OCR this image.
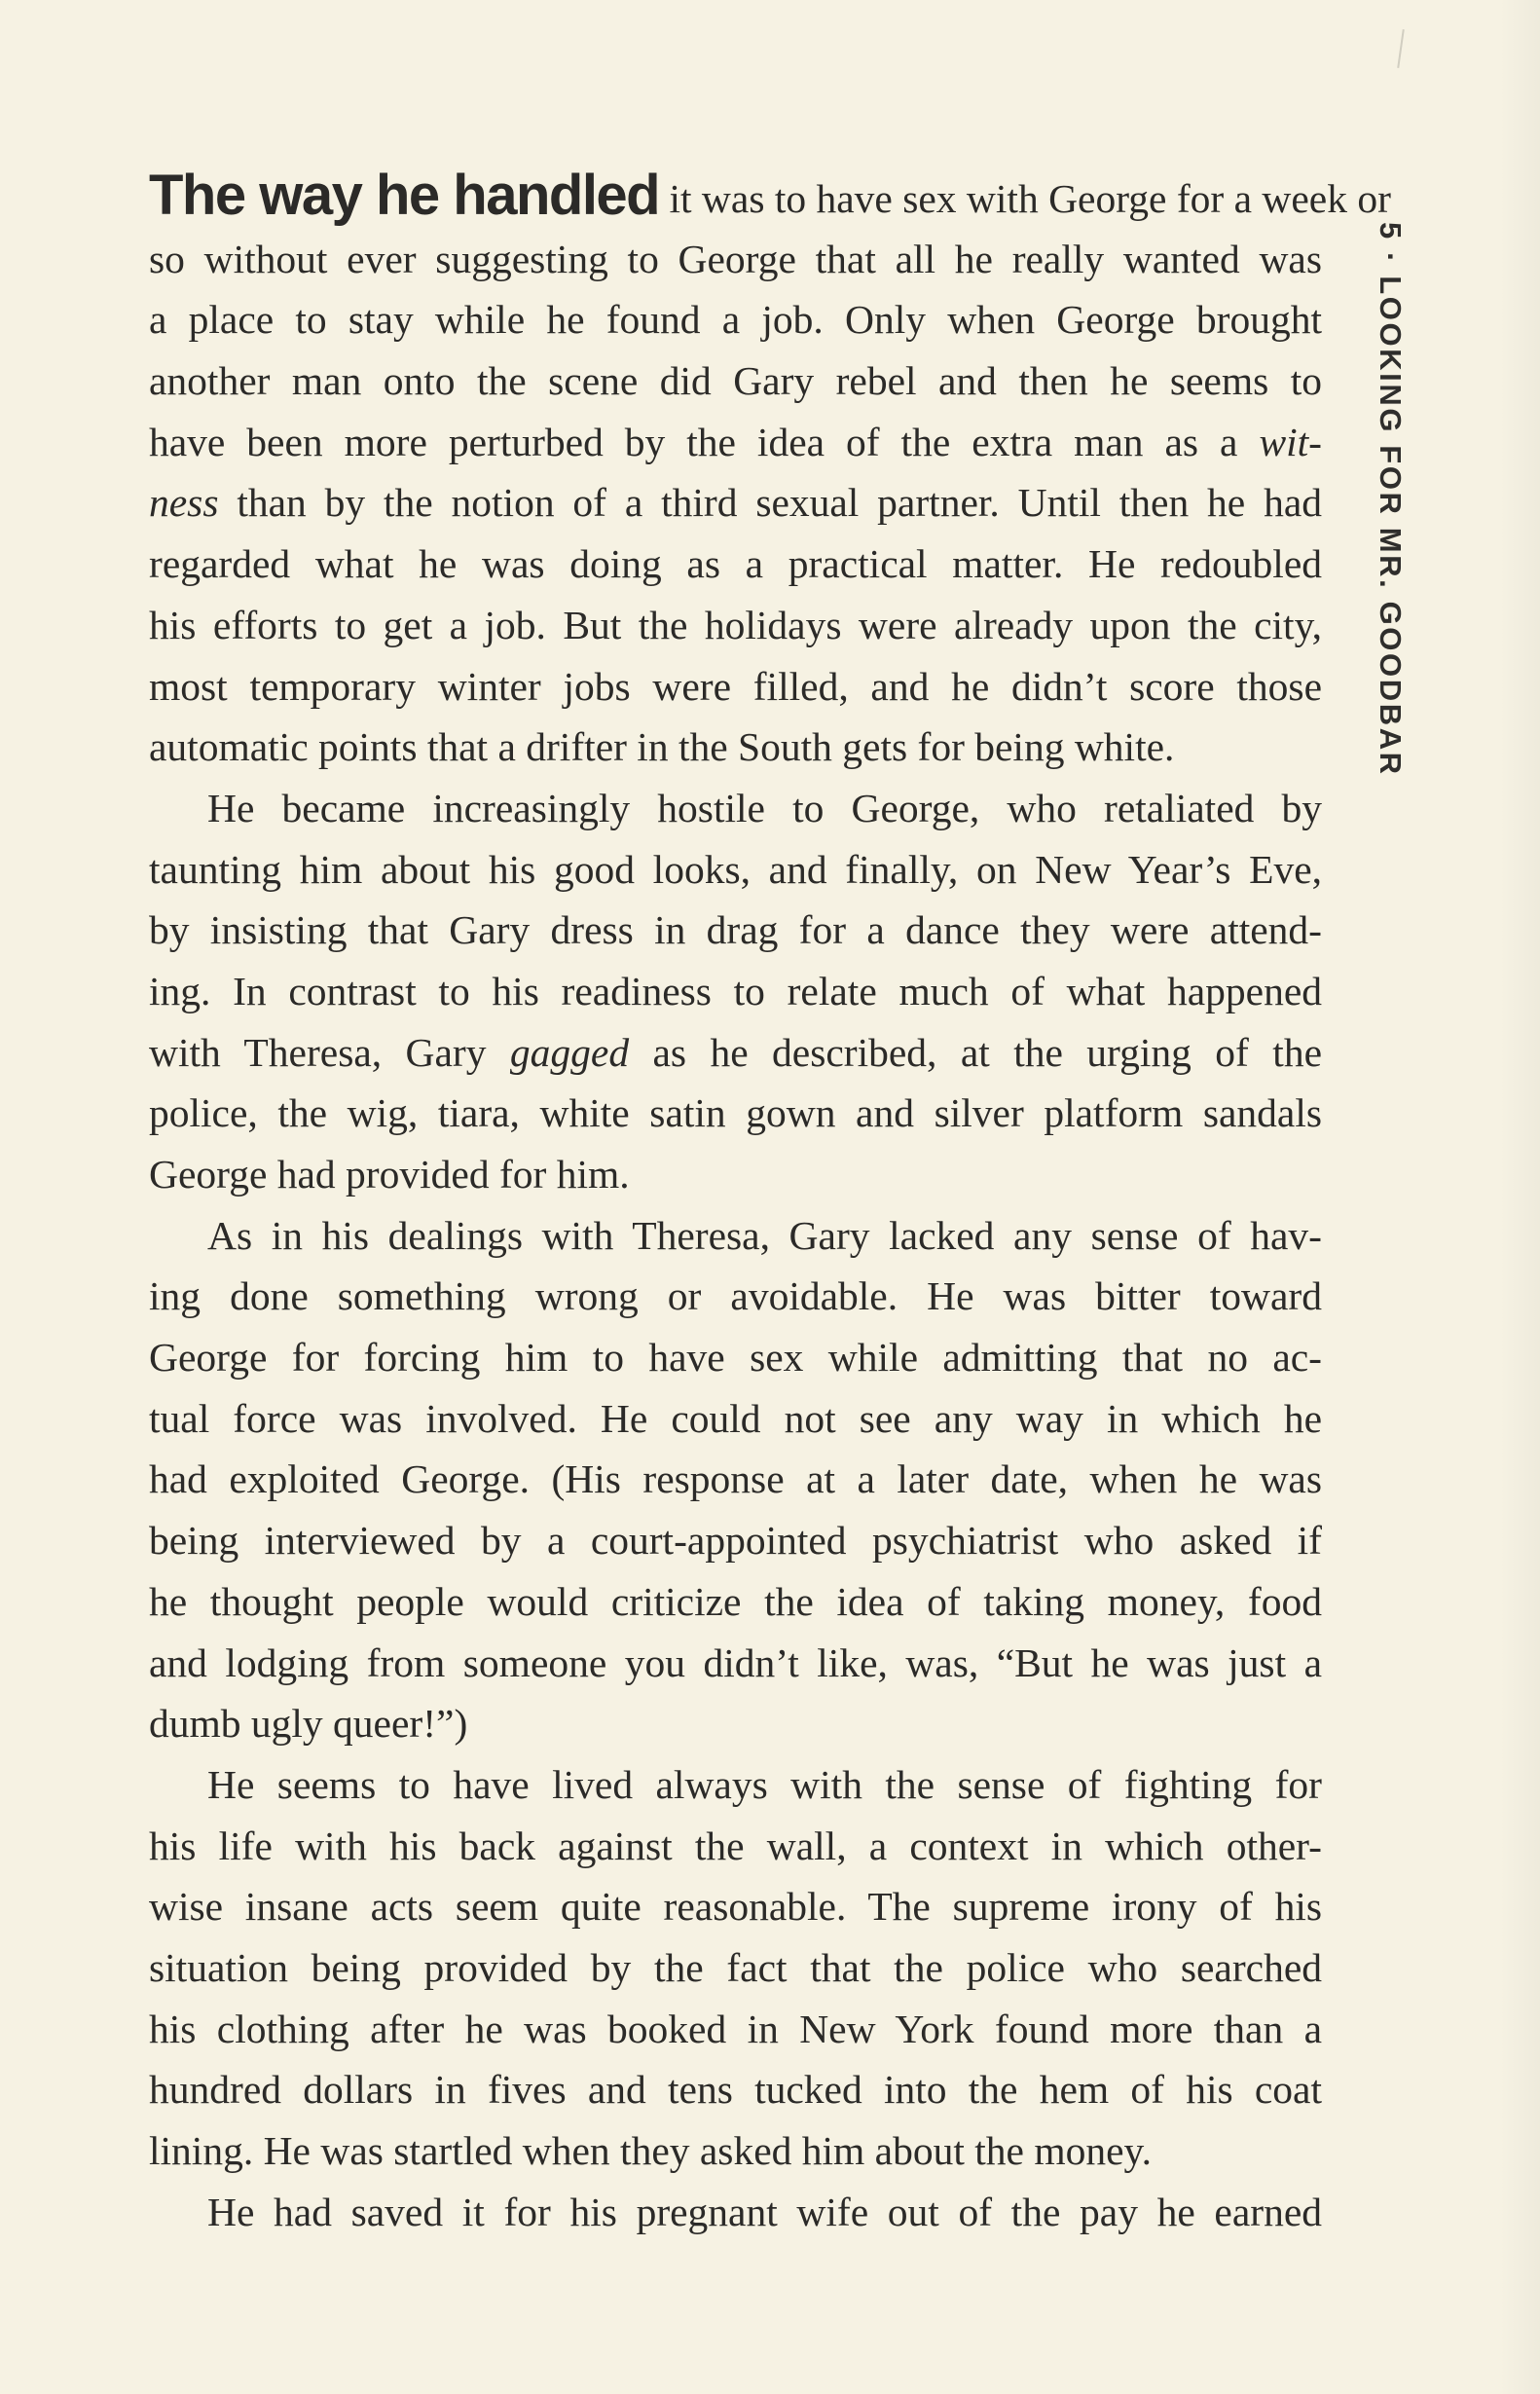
5 · LOOKING FOR MR. GOODBAR
The way he handled it was to have sex with George for a week or
so without ever suggesting to George that all he really wanted was
a place to stay while he found a job. Only when George brought
another man onto the scene did Gary rebel and then he seems to
have been more perturbed by the idea of the extra man as a wit-
ness than by the notion of a third sexual partner. Until then he had
regarded what he was doing as a practical matter. He redoubled
his efforts to get a job. But the holidays were already upon the city,
most temporary winter jobs were filled, and he didn’t score those
automatic points that a drifter in the South gets for being white.
He became increasingly hostile to George, who retaliated by
taunting him about his good looks, and finally, on New Year’s Eve,
by insisting that Gary dress in drag for a dance they were attend-
ing. In contrast to his readiness to relate much of what happened
with Theresa, Gary gagged as he described, at the urging of the
police, the wig, tiara, white satin gown and silver platform sandals
George had provided for him.
As in his dealings with Theresa, Gary lacked any sense of hav-
ing done something wrong or avoidable. He was bitter toward
George for forcing him to have sex while admitting that no ac-
tual force was involved. He could not see any way in which he
had exploited George. (His response at a later date, when he was
being interviewed by a court-appointed psychiatrist who asked if
he thought people would criticize the idea of taking money, food
and lodging from someone you didn’t like, was, “But he was just a
dumb ugly queer!”)
He seems to have lived always with the sense of fighting for
his life with his back against the wall, a context in which other-
wise insane acts seem quite reasonable. The supreme irony of his
situation being provided by the fact that the police who searched
his clothing after he was booked in New York found more than a
hundred dollars in fives and tens tucked into the hem of his coat
lining. He was startled when they asked him about the money.
He had saved it for his pregnant wife out of the pay he earned
